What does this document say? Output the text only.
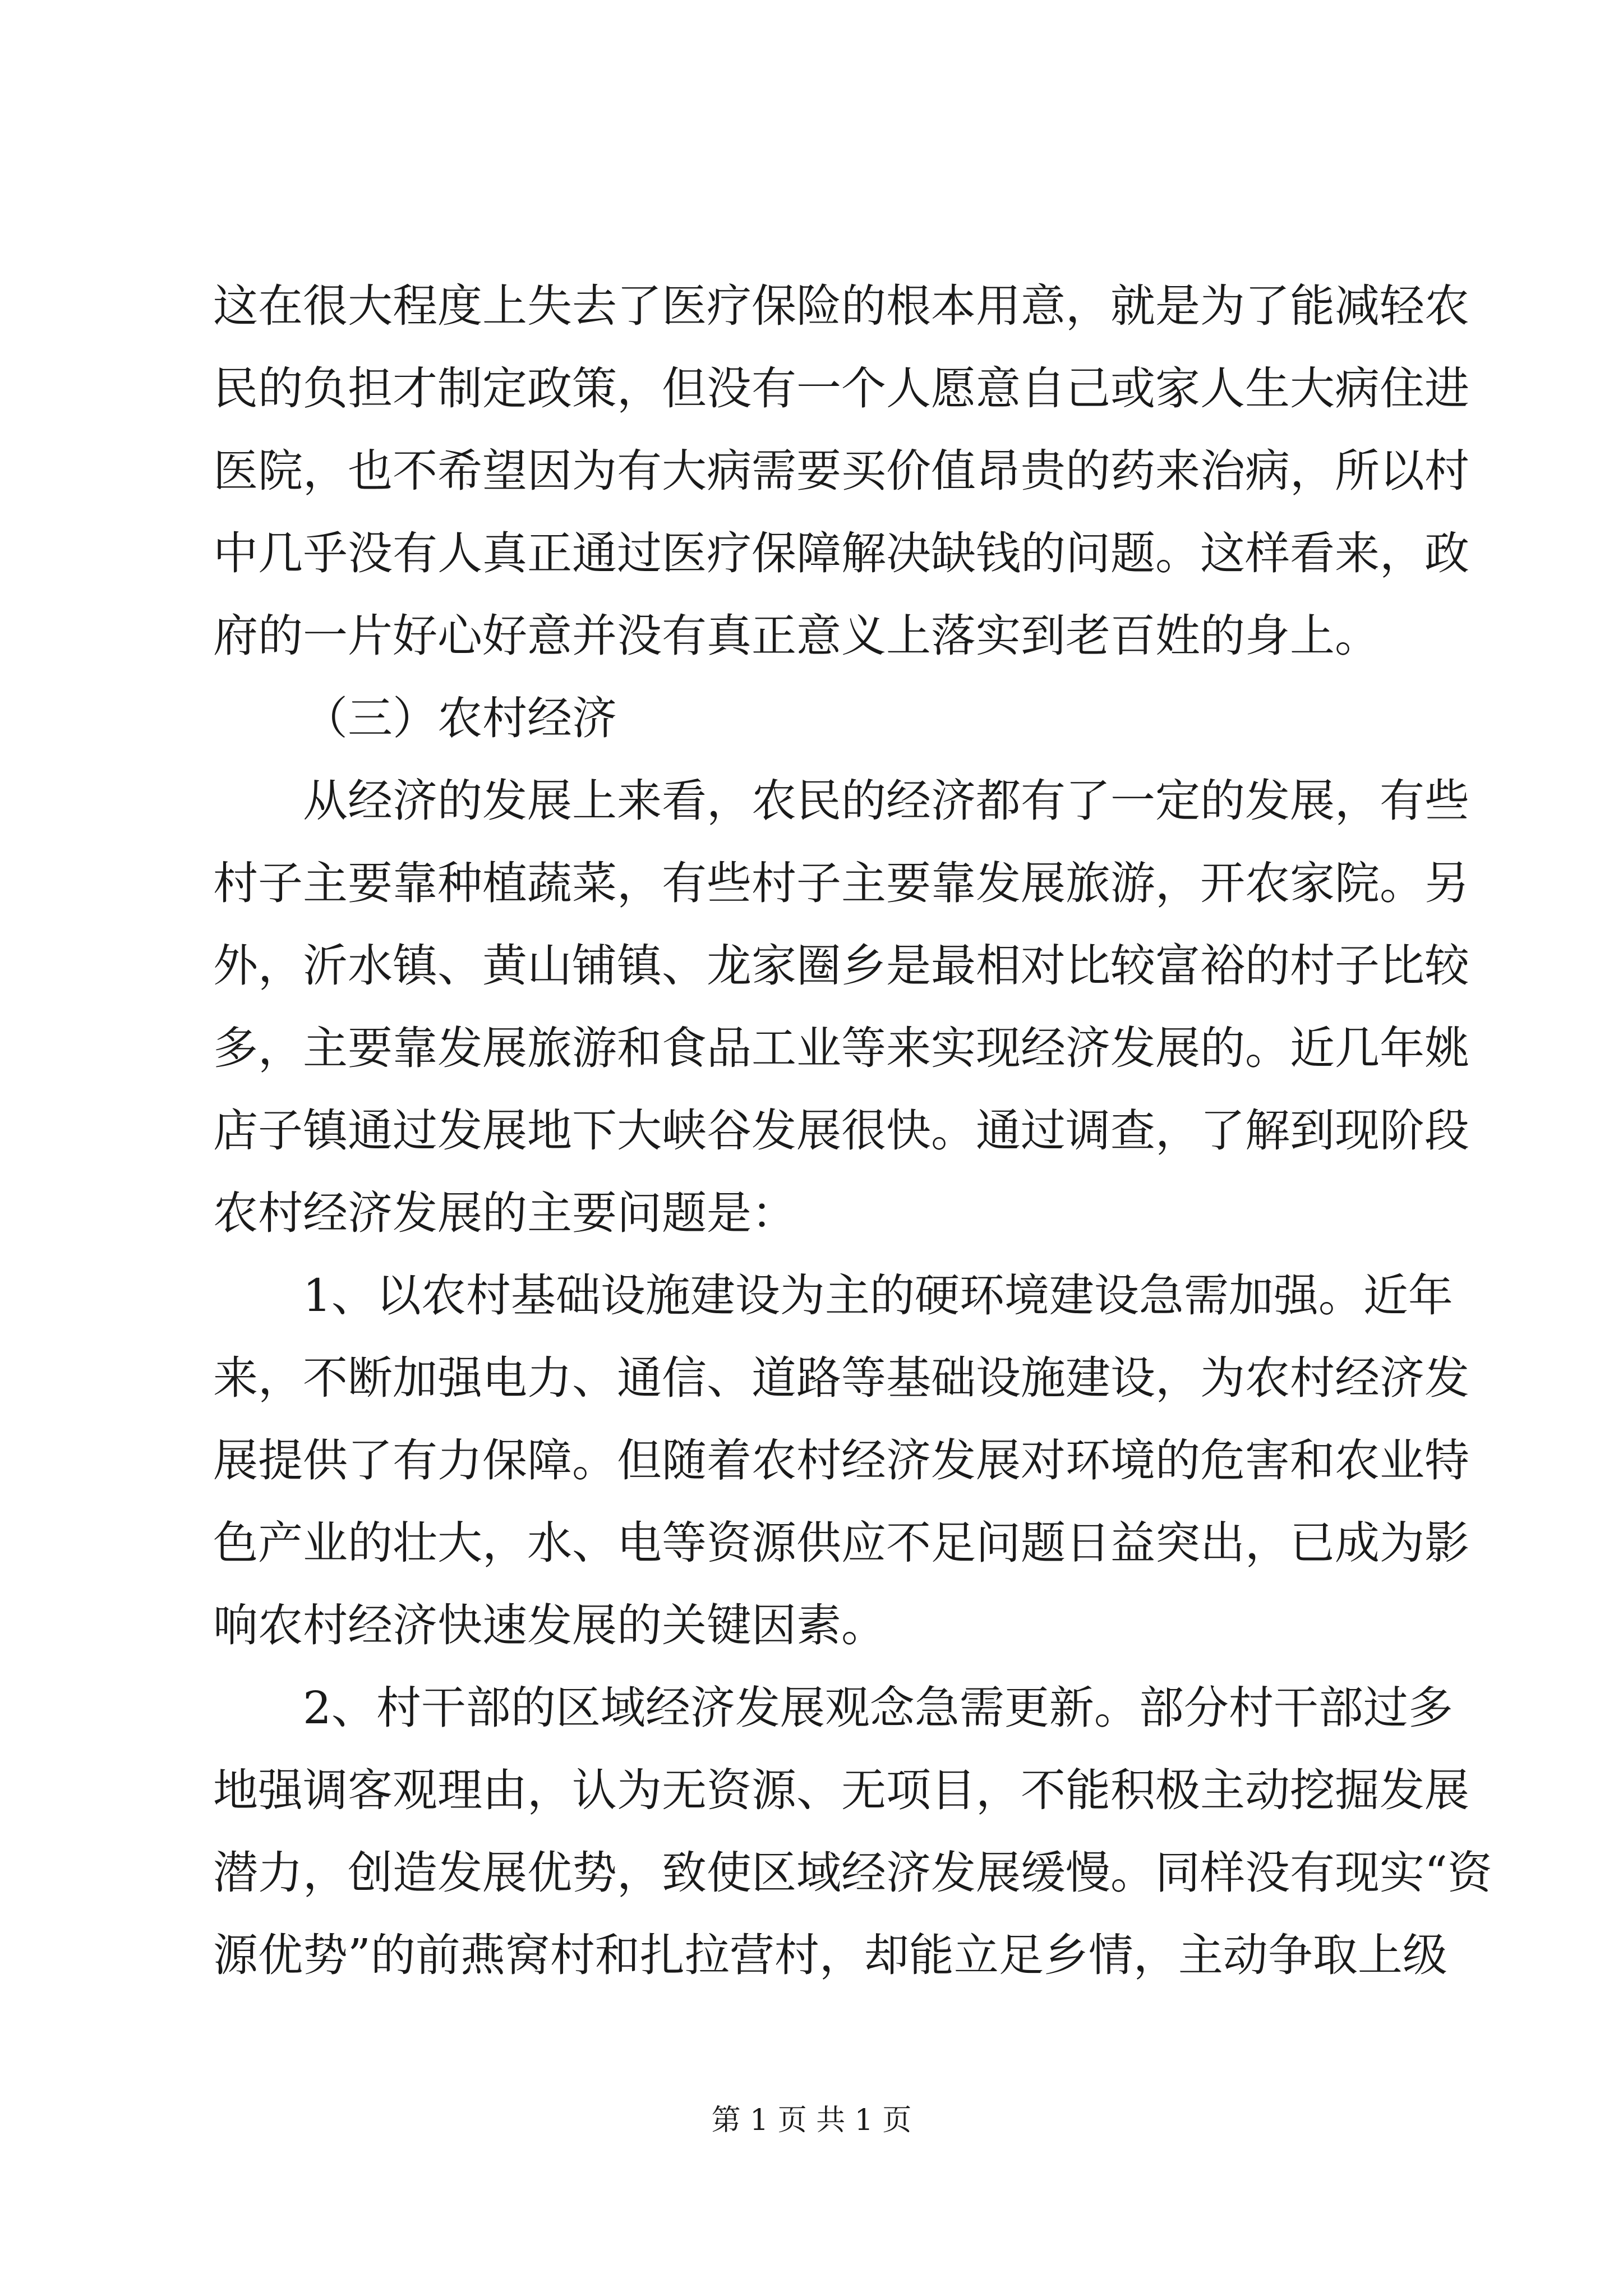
这在很大程度上失去了医疗保险的根本用意，就是为了能减轻农
民的负担才制定政策，但没有一个人愿意自己或家人生大病住进
医院，也不希望因为有大病需要买价值昂贵的药来治病，所以村
中几乎没有人真正通过医疗保障解决缺钱的问题。这样看来，政
府的一片好心好意并没有真正意义上落实到老百姓的身上。
（三）农村经济
从经济的发展上来看，农民的经济都有了一定的发展，有些
村子主要靠种植蔬菜，有些村子主要靠发展旅游，开农家院。另
外，沂水镇、黄山铺镇、龙家圈乡是最相对比较富裕的村子比较
多，主要靠发展旅游和食品工业等来实现经济发展的。近几年姚
店子镇通过发展地下大峡谷发展很快。通过调查，了解到现阶段
农村经济发展的主要问题是：
1、以农村基础设施建设为主的硬环境建设急需加强。近年
来，不断加强电力、通信、道路等基础设施建设，为农村经济发
展提供了有力保障。但随着农村经济发展对环境的危害和农业特
色产业的壮大，水、电等资源供应不足问题日益突出，已成为影
响农村经济快速发展的关键因素。
2、村干部的区域经济发展观念急需更新。部分村干部过多
地强调客观理由，认为无资源、无项目，不能积极主动挖掘发展
潜力，创造发展优势，致使区域经济发展缓慢。同样没有现实“资
源优势”的前燕窝村和扎拉营村，却能立足乡情，主动争取上级
第 1 页 共 1 页
